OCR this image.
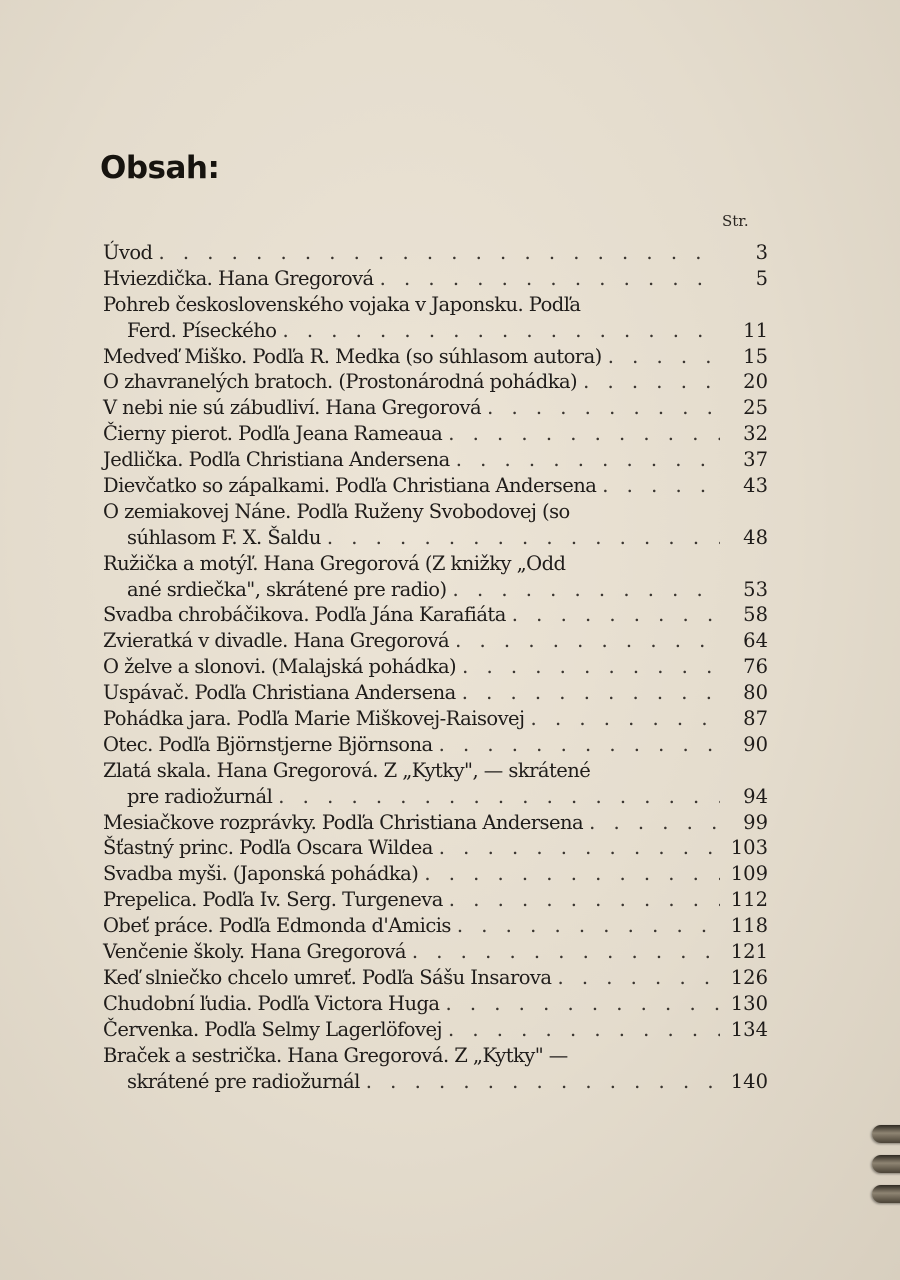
Obsah:
Str.
Úvod . . .	3
Hviezdička. Hana Gregorová . . .	5
Pohreb československého vojaka v Japonsku. Podľa
Ferd. Píseckého . . .	11
Medveď Miško. Podľa R. Medka (so súhlasom autora) . . .	15
O zhavranelých bratoch. (Prostonárodná pohádka) . . .	20
V nebi nie sú zábudliví. Hana Gregorová . . .	25
Čierny pierot. Podľa Jeana Rameaua . . .	32
Jedlička. Podľa Christiana Andersena . . .	37
Dievčatko so zápalkami. Podľa Christiana Andersena . . .	43
O zemiakovej Náne. Podľa Ruženy Svobodovej (so
súhlasom F. X. Šaldu . . .	48
Ružička a motýľ. Hana Gregorová (Z knižky „Odd
ané srdiečka", skrátené pre radio) . . .	53
Svadba chrobáčikova. Podľa Jána Karafiáta . . .	58
Zvieratká v divadle. Hana Gregorová . . .	64
O želve a slonovi. (Malajská pohádka) . . .	76
Uspávač. Podľa Christiana Andersena . . .	80
Pohádka jara. Podľa Marie Miškovej-Raisovej . . .	87
Otec. Podľa Björnstjerne Björnsona . . .	90
Zlatá skala. Hana Gregorová. Z „Kytky", — skrátené
pre radiožurnál . . .	94
Mesiačkove rozprávky. Podľa Christiana Andersena . . .	99
Šťastný princ. Podľa Oscara Wildea . . .	103
Svadba myši. (Japonská pohádka) . . .	109
Prepelica. Podľa Iv. Serg. Turgeneva . . .	112
Obeť práce. Podľa Edmonda d'Amicis . . .	118
Venčenie školy. Hana Gregorová . . .	121
Keď slniečko chcelo umreť. Podľa Sášu Insarova . . .	126
Chudobní ľudia. Podľa Victora Huga . . .	130
Červenka. Podľa Selmy Lagerlöfovej . . .	134
Braček a sestrička. Hana Gregorová. Z „Kytky" —
skrátené pre radiožurnál . . .	140
